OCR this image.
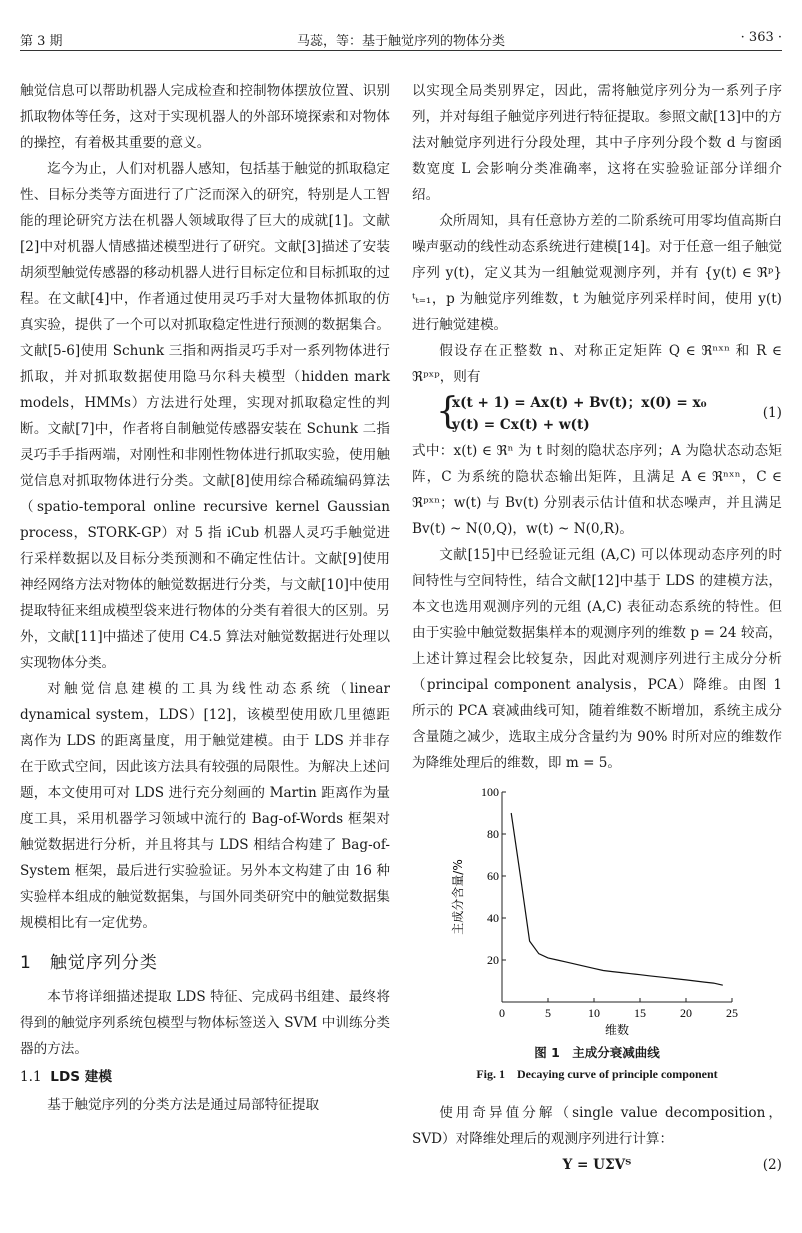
第 3 期	马蕊，等：基于触觉序列的物体分类	· 363 ·

触觉信息可以帮助机器人完成检查和控制物体摆放位置、识别抓取物体等任务，这对于实现机器人的外部环境探索和对物体的操控，有着极其重要的意义。

迄今为止，人们对机器人感知，包括基于触觉的抓取稳定性、目标分类等方面进行了广泛而深入的研究，特别是人工智能的理论研究方法在机器人领域取得了巨大的成就[1]。文献[2]中对机器人情感描述模型进行了研究。文献[3]描述了安装胡须型触觉传感器的移动机器人进行目标定位和目标抓取的过程。在文献[4]中，作者通过使用灵巧手对大量物体抓取的仿真实验，提供了一个可以对抓取稳定性进行预测的数据集合。文献[5-6]使用 Schunk 三指和两指灵巧手对一系列物体进行抓取，并对抓取数据使用隐马尔科夫模型（hidden mark models，HMMs）方法进行处理，实现对抓取稳定性的判断。文献[7]中，作者将自制触觉传感器安装在 Schunk 二指灵巧手手指两端，对刚性和非刚性物体进行抓取实验，使用触觉信息对抓取物体进行分类。文献[8]使用综合稀疏编码算法（spatio-temporal online recursive kernel Gaussian process，STORK-GP）对 5 指 iCub 机器人灵巧手触觉进行采样数据以及目标分类预测和不确定性估计。文献[9]使用神经网络方法对物体的触觉数据进行分类，与文献[10]中使用提取特征来组成模型袋来进行物体的分类有着很大的区别。另外，文献[11]中描述了使用 C4.5 算法对触觉数据进行处理以实现物体分类。

对触觉信息建模的工具为线性动态系统（linear dynamical system，LDS）[12]，该模型使用欧几里德距离作为 LDS 的距离量度，用于触觉建模。由于 LDS 并非存在于欧式空间，因此该方法具有较强的局限性。为解决上述问题，本文使用可对 LDS 进行充分刻画的 Martin 距离作为量度工具，采用机器学习领域中流行的 Bag-of-Words 框架对触觉数据进行分析，并且将其与 LDS 相结合构建了 Bag-of-System 框架，最后进行实验验证。另外本文构建了由 16 种实验样本组成的触觉数据集，与国外同类研究中的触觉数据集规模相比有一定优势。

1　触觉序列分类

本节将详细描述提取 LDS 特征、完成码书组建、最终将得到的触觉序列系统包模型与物体标签送入 SVM 中训练分类器的方法。

1.1 LDS 建模

基于触觉序列的分类方法是通过局部特征提取

以实现全局类别界定，因此，需将触觉序列分为一系列子序列，并对每组子触觉序列进行特征提取。参照文献[13]中的方法对触觉序列进行分段处理，其中子序列分段个数 d 与窗函数宽度 L 会影响分类准确率，这将在实验验证部分详细介绍。

众所周知，具有任意协方差的二阶系统可用零均值高斯白噪声驱动的线性动态系统进行建模[14]。对于任意一组子触觉序列 y(t)，定义其为一组触觉观测序列，并有 {y(t) ∈ ℜᵖ}ᵗₜ₌₁，p 为触觉序列维数，t 为触觉序列采样时间，使用 y(t) 进行触觉建模。

假设存在正整数 n、对称正定矩阵 Q ∈ ℜⁿˣⁿ 和 R ∈ ℜᵖˣᵖ，则有

{
x(t + 1) = Ax(t) + Bv(t)；x(0) = x₀
y(t) = Cx(t) + w(t)
(1)

式中：x(t) ∈ ℜⁿ 为 t 时刻的隐状态序列；A 为隐状态动态矩阵，C 为系统的隐状态输出矩阵，且满足 A ∈ ℜⁿˣⁿ，C ∈ ℜᵖˣⁿ；w(t) 与 Bv(t) 分别表示估计值和状态噪声，并且满足 Bv(t) ~ N(0,Q)，w(t) ~ N(0,R)。

文献[15]中已经验证元组 (A,C) 可以体现动态序列的时间特性与空间特性，结合文献[12]中基于 LDS 的建模方法，本文也选用观测序列的元组 (A,C) 表征动态系统的特性。但由于实验中触觉数据集样本的观测序列的维数 p = 24 较高，上述计算过程会比较复杂，因此对观测序列进行主成分分析（principal component analysis，PCA）降维。由图 1 所示的 PCA 衰减曲线可知，随着维数不断增加，系统主成分含量随之减少，选取主成分含量约为 90% 时所对应的维数作为降维处理后的维数，即 m = 5。

0	5	10	15	20	25
20
40
60
80
100
维数
主成分含量/%
图 1　主成分衰减曲线
Fig. 1　Decaying curve of principle component

使用奇异值分解（single value decomposition，SVD）对降维处理后的观测序列进行计算：

Y = UΣVᵀ	(2)
